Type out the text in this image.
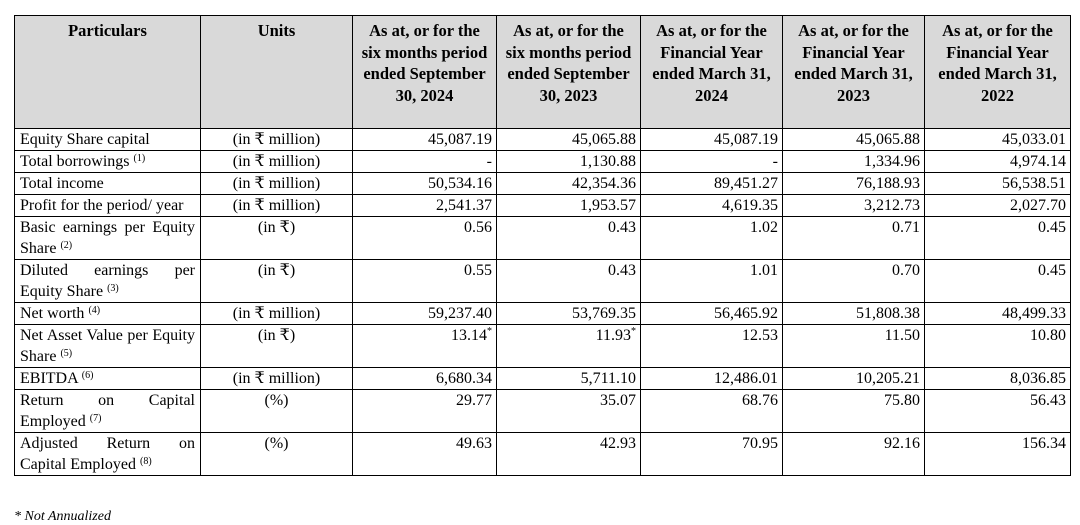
Particulars	Units	As at, or for the six months period ended September 30, 2024	As at, or for the six months period ended September 30, 2023	As at, or for the Financial Year ended March 31, 2024	As at, or for the Financial Year ended March 31, 2023	As at, or for the Financial Year ended March 31, 2022
Equity Share capital	(in ₹ million)	45,087.19	45,065.88	45,087.19	45,065.88	45,033.01
Total borrowings $^{(1)}$	(in ₹ million)	-	1,130.88	-	1,334.96	4,974.14
Total income	(in ₹ million)	50,534.16	42,354.36	89,451.27	76,188.93	56,538.51
Profit for the period/ year	(in ₹ million)	2,541.37	1,953.57	4,619.35	3,212.73	2,027.70
Basic earnings per Equity Share $^{(2)}$	(in ₹)	0.56	0.43	1.02	0.71	0.45
Diluted earnings per Equity Share $^{(3)}$	(in ₹)	0.55	0.43	1.01	0.70	0.45
Net worth $^{(4)}$	(in ₹ million)	59,237.40	53,769.35	56,465.92	51,808.38	48,499.33
Net Asset Value per Equity Share $^{(5)}$	(in ₹)	13.14*	11.93*	12.53	11.50	10.80
EBITDA $^{(6)}$	(in ₹ million)	6,680.34	5,711.10	12,486.01	10,205.21	8,036.85
Return on Capital Employed $^{(7)}$	(%)	29.77	35.07	68.76	75.80	56.43
Adjusted Return on Capital Employed $^{(8)}$	(%)	49.63	42.93	70.95	92.16	156.34
* Not Annualized
